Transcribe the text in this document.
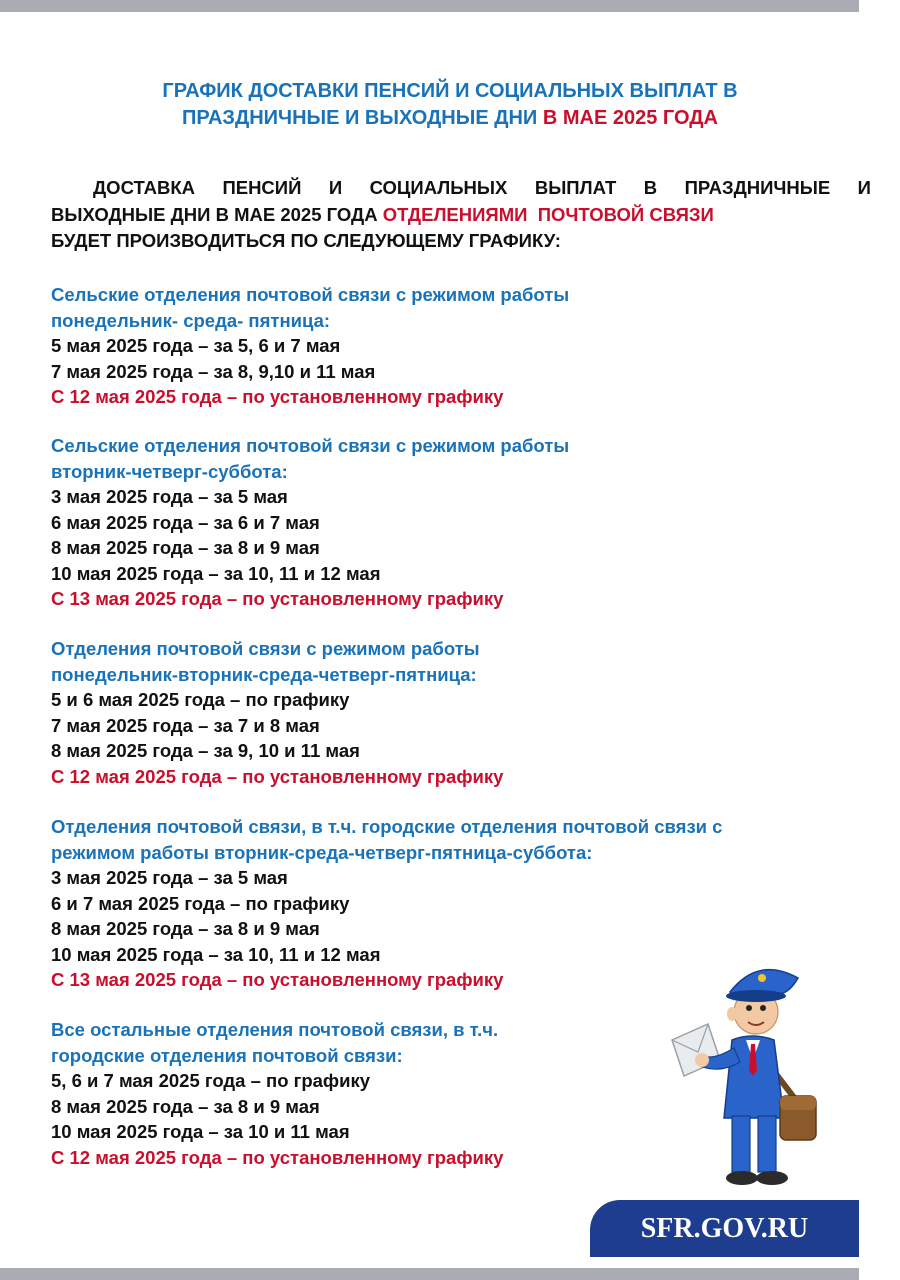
ГРАФИК ДОСТАВКИ ПЕНСИЙ И СОЦИАЛЬНЫХ ВЫПЛАТ В
ПРАЗДНИЧНЫЕ И ВЫХОДНЫЕ ДНИ В МАЕ 2025 ГОДА
ДОСТАВКА ПЕНСИЙ И СОЦИАЛЬНЫХ ВЫПЛАТ В ПРАЗДНИЧНЫЕ И
ВЫХОДНЫЕ ДНИ В МАЕ 2025 ГОДА ОТДЕЛЕНИЯМИ  ПОЧТОВОЙ СВЯЗИ
БУДЕТ ПРОИЗВОДИТЬСЯ ПО СЛЕДУЮЩЕМУ ГРАФИКУ:
Сельские отделения почтовой связи с режимом работы
понедельник- среда- пятница:
5 мая 2025 года – за 5, 6 и 7 мая
7 мая 2025 года – за 8, 9,10 и 11 мая
С 12 мая 2025 года – по установленному графику
Сельские отделения почтовой связи с режимом работы
вторник-четверг-суббота:
3 мая 2025 года – за 5 мая
6 мая 2025 года – за 6 и 7 мая
8 мая 2025 года – за 8 и 9 мая
10 мая 2025 года – за 10, 11 и 12 мая
С 13 мая 2025 года – по установленному графику
Отделения почтовой связи с режимом работы
понедельник-вторник-среда-четверг-пятница:
5 и 6 мая 2025 года – по графику
7 мая 2025 года – за 7 и 8 мая
8 мая 2025 года – за 9, 10 и 11 мая
С 12 мая 2025 года – по установленному графику
Отделения почтовой связи, в т.ч. городские отделения почтовой связи с
режимом работы вторник-среда-четверг-пятница-суббота:
3 мая 2025 года – за 5 мая
6 и 7 мая 2025 года – по графику
8 мая 2025 года – за 8 и 9 мая
10 мая 2025 года – за 10, 11 и 12 мая
С 13 мая 2025 года – по установленному графику
Все остальные отделения почтовой связи, в т.ч.
городские отделения почтовой связи:
5, 6 и 7 мая 2025 года – по графику
8 мая 2025 года – за 8 и 9 мая
10 мая 2025 года – за 10 и 11 мая
С 12 мая 2025 года – по установленному графику
SFR.GOV.RU
